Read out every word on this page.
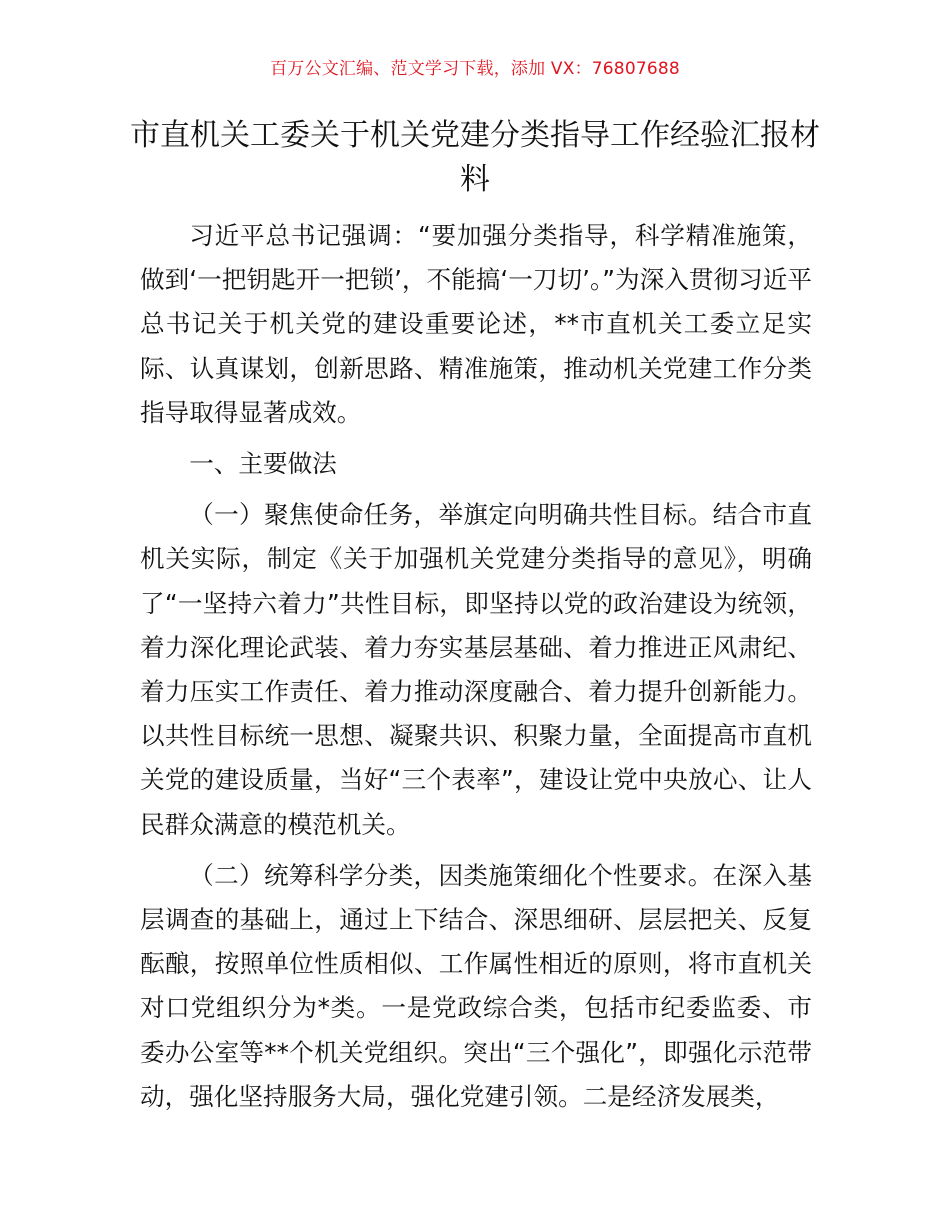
百万公文汇编、范文学习下载，添加 VX：76807688
市直机关工委关于机关党建分类指导工作经验汇报材料

习近平总书记强调：“要加强分类指导，科学精准施策，做到‘一把钥匙开一把锁’，不能搞‘一刀切’。”为深入贯彻习近平总书记关于机关党的建设重要论述，**市直机关工委立足实际、认真谋划，创新思路、精准施策，推动机关党建工作分类指导取得显著成效。

一、主要做法

（一）聚焦使命任务，举旗定向明确共性目标。结合市直机关实际，制定《关于加强机关党建分类指导的意见》，明确了“一坚持六着力”共性目标，即坚持以党的政治建设为统领，着力深化理论武装、着力夯实基层基础、着力推进正风肃纪、着力压实工作责任、着力推动深度融合、着力提升创新能力。以共性目标统一思想、凝聚共识、积聚力量，全面提高市直机关党的建设质量，当好“三个表率”，建设让党中央放心、让人民群众满意的模范机关。

（二）统筹科学分类，因类施策细化个性要求。在深入基层调查的基础上，通过上下结合、深思细研、层层把关、反复酝酿，按照单位性质相似、工作属性相近的原则，将市直机关对口党组织分为*类。一是党政综合类，包括市纪委监委、市委办公室等**个机关党组织。突出“三个强化”，即强化示范带动，强化坚持服务大局，强化党建引领。二是经济发展类，
